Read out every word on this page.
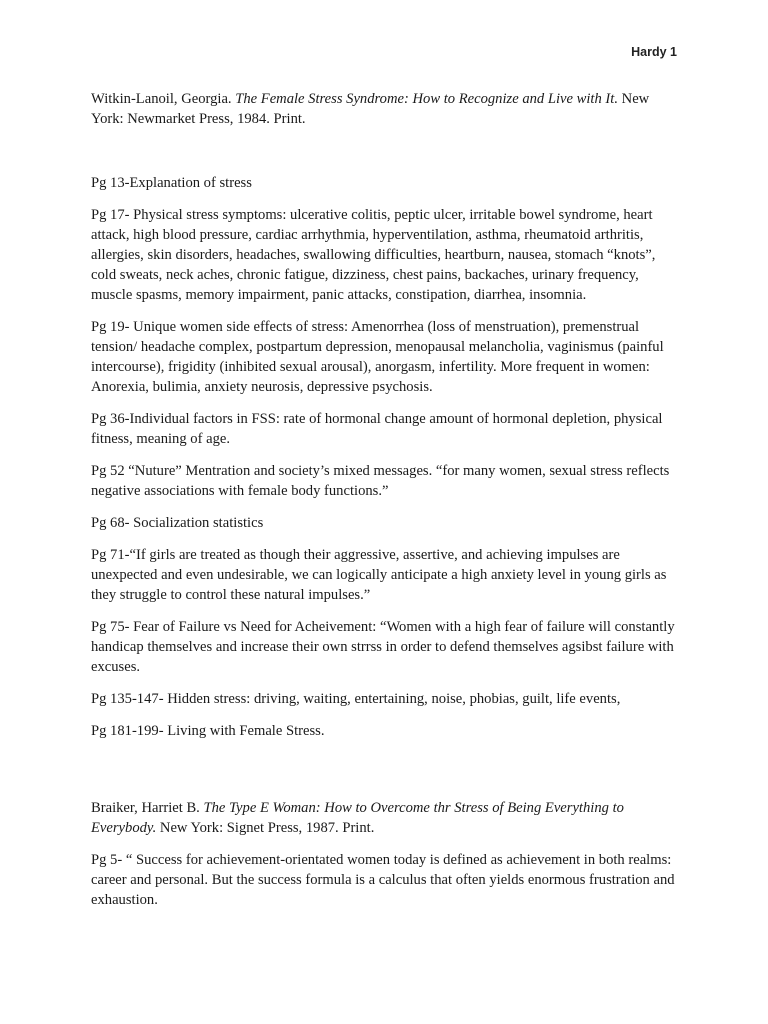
Hardy 1

Witkin-Lanoil, Georgia. The Female Stress Syndrome: How to Recognize and Live with It. New York: Newmarket Press, 1984. Print.

Pg 13-Explanation of stress

Pg 17- Physical stress symptoms: ulcerative colitis, peptic ulcer, irritable bowel syndrome, heart attack, high blood pressure, cardiac arrhythmia, hyperventilation, asthma, rheumatoid arthritis, allergies, skin disorders, headaches, swallowing difficulties, heartburn, nausea, stomach “knots”, cold sweats, neck aches, chronic fatigue, dizziness, chest pains, backaches, urinary frequency, muscle spasms, memory impairment, panic attacks, constipation, diarrhea, insomnia.

Pg 19- Unique women side effects of stress: Amenorrhea (loss of menstruation), premenstrual tension/ headache complex, postpartum depression, menopausal melancholia, vaginismus (painful intercourse), frigidity (inhibited sexual arousal), anorgasm, infertility. More frequent in women: Anorexia, bulimia, anxiety neurosis, depressive psychosis.

Pg 36-Individual factors in FSS: rate of hormonal change amount of hormonal depletion, physical fitness, meaning of age.

Pg 52 “Nuture” Mentration and society’s mixed messages. “for many women, sexual stress reflects negative associations with female body functions.”

Pg 68- Socialization statistics

Pg 71-“If girls are treated as though their aggressive, assertive, and achieving impulses are unexpected and even undesirable, we can logically anticipate a high anxiety level in young girls as they struggle to control these natural impulses.”

Pg 75- Fear of Failure vs Need for Acheivement: “Women with a high fear of failure will constantly handicap themselves and increase their own strrss in order to defend themselves agsibst failure with excuses.

Pg 135-147- Hidden stress: driving, waiting, entertaining, noise, phobias, guilt, life events,

Pg 181-199- Living with Female Stress.

Braiker, Harriet B. The Type E Woman: How to Overcome thr Stress of Being Everything to Everybody. New York: Signet Press, 1987. Print.

Pg 5- “ Success for achievement-orientated women today is defined as achievement in both realms: career and personal. But the success formula is a calculus that often yields enormous frustration and exhaustion.
